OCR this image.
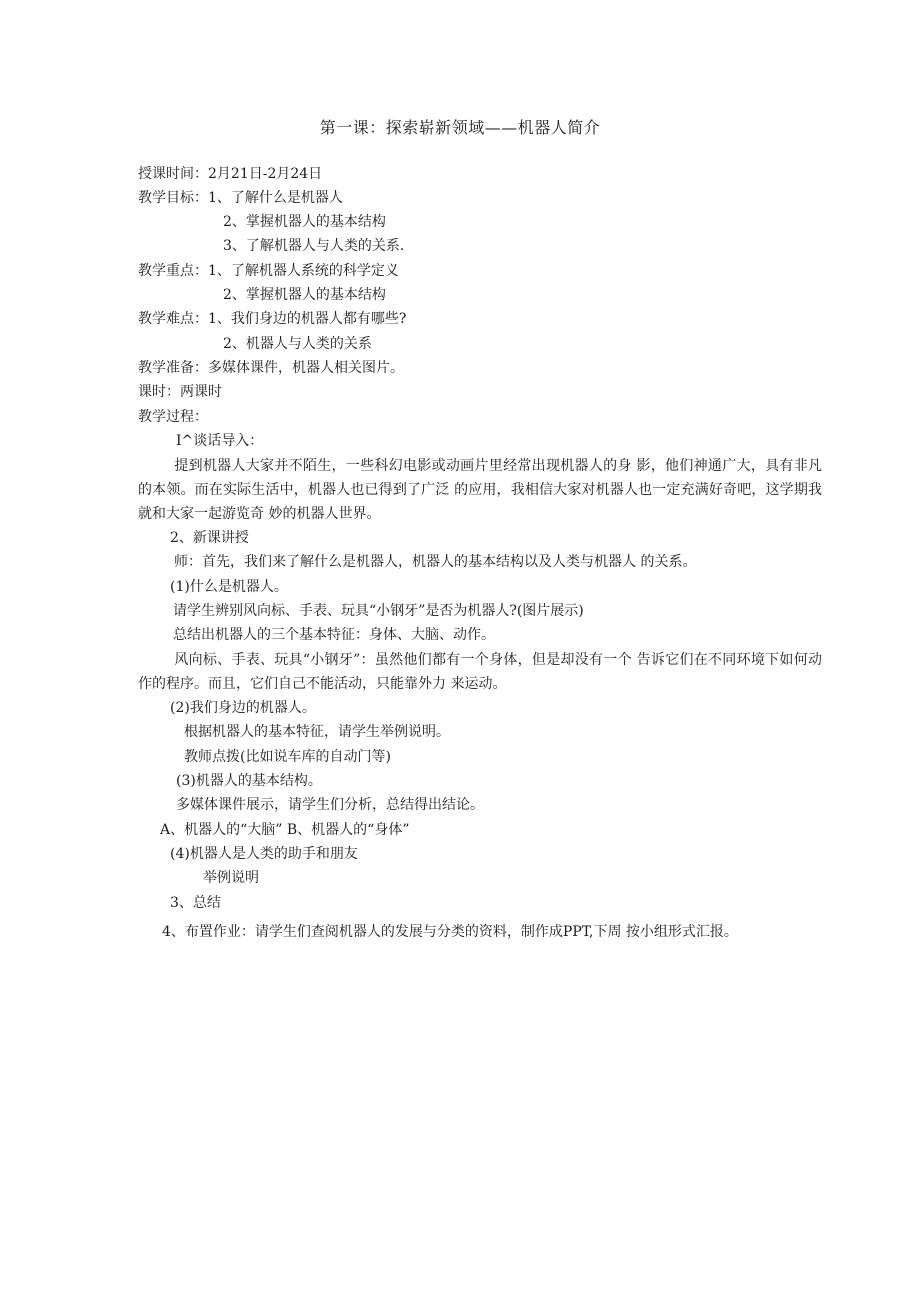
第一课：探索崭新领域——机器人简介
授课时间：2月21日-2月24日
教学目标：1、了解什么是机器人
2、掌握机器人的基本结构
3、了解机器人与人类的关系.
教学重点：1、了解机器人系统的科学定义
2、掌握机器人的基本结构
教学难点：1、我们身边的机器人都有哪些?
2、机器人与人类的关系
教学准备：多媒体课件，机器人相关图片。
课时：两课时
教学过程：
I^谈话导入：
提到机器人大家并不陌生，一些科幻电影或动画片里经常出现机器人的身 影，他们神通广大，具有非凡的本领。而在实际生活中，机器人也已得到了广泛 的应用，我相信大家对机器人也一定充满好奇吧，这学期我就和大家一起游览奇 妙的机器人世界。
2、新课讲授
师：首先，我们来了解什么是机器人，机器人的基本结构以及人类与机器人 的关系。
(1)什么是机器人。
请学生辨别风向标、手表、玩具“小钢牙”是否为机器人?(图片展示)
总结出机器人的三个基本特征：身体、大脑、动作。
风向标、手表、玩具“小钢牙”：虽然他们都有一个身体，但是却没有一个 告诉它们在不同环境下如何动作的程序。而且，它们自己不能活动，只能靠外力 来运动。
(2)我们身边的机器人。
根据机器人的基本特征，请学生举例说明。
教师点拨(比如说车库的自动门等)
(3)机器人的基本结构。
多媒体课件展示，请学生们分析，总结得出结论。
A、机器人的“大脑” B、机器人的“身体”
(4)机器人是人类的助手和朋友
举例说明
3、总结
4、布置作业：请学生们查阅机器人的发展与分类的资料，制作成PPT,下周 按小组形式汇报。
